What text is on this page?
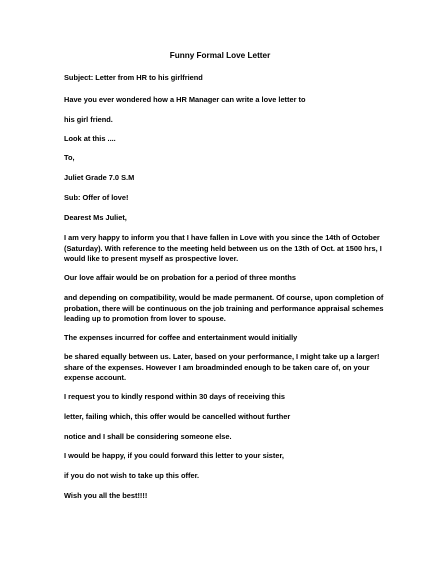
Funny Formal Love Letter
Subject: Letter from HR to his girlfriend
Have you ever wondered how a HR Manager can write a love letter to
his girl friend.
Look at this ....
To,
Juliet Grade 7.0 S.M
Sub: Offer of love!
Dearest Ms Juliet,
I am very happy to inform you that I have fallen in Love with you since the 14th of October
(Saturday). With reference to the meeting held between us on the 13th of Oct. at 1500 hrs, I
would like to present myself as prospective lover.
Our love affair would be on probation for a period of three months
and depending on compatibility, would be made permanent. Of course, upon completion of
probation, there will be continuous on the job training and performance appraisal schemes
leading up to promotion from lover to spouse.
The expenses incurred for coffee and entertainment would initially
be shared equally between us. Later, based on your performance, I might take up a larger!
share of the expenses. However I am broadminded enough to be taken care of, on your
expense account.
I request you to kindly respond within 30 days of receiving this
letter, failing which, this offer would be cancelled without further
notice and I shall be considering someone else.
I would be happy, if you could forward this letter to your sister,
if you do not wish to take up this offer.
Wish you all the best!!!!
